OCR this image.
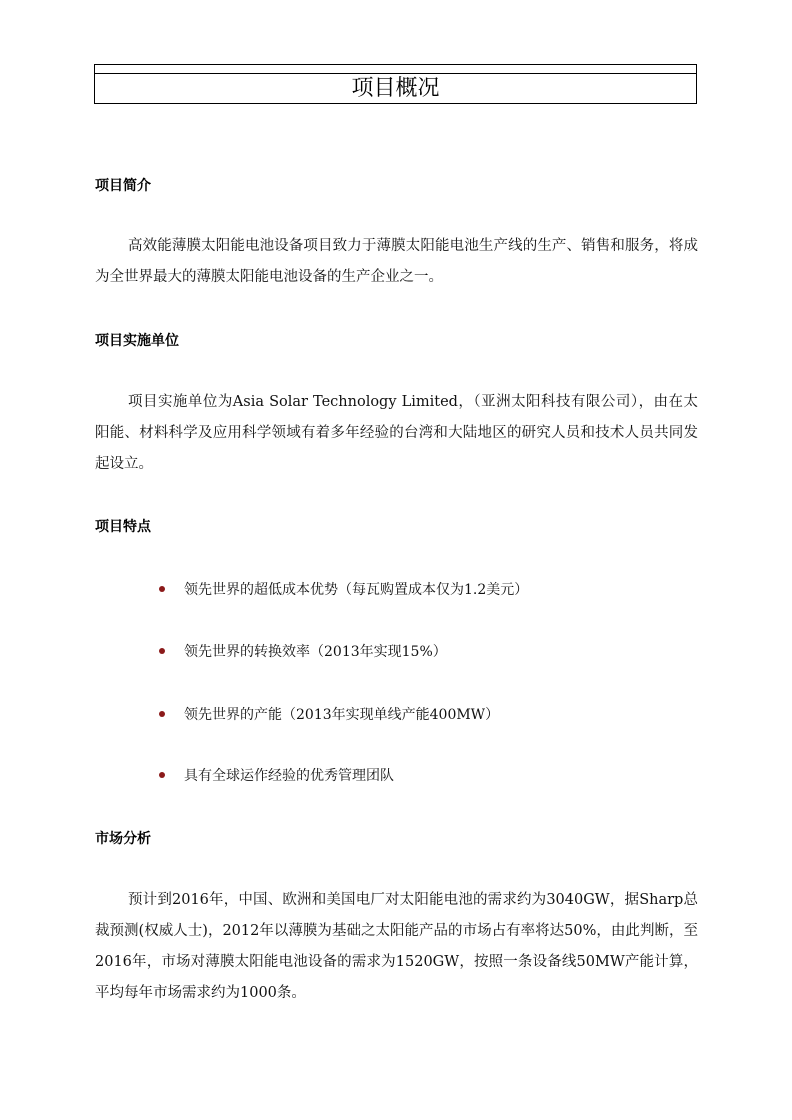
项目概况
项目简介
高效能薄膜太阳能电池设备项目致力于薄膜太阳能电池生产线的生产、销售和服务，将成为全世界最大的薄膜太阳能电池设备的生产企业之一。
项目实施单位
项目实施单位为Asia Solar Technology Limited，（亚洲太阳科技有限公司），由在太阳能、材料科学及应用科学领域有着多年经验的台湾和大陆地区的研究人员和技术人员共同发起设立。
项目特点
领先世界的超低成本优势（每瓦购置成本仅为1.2美元）
领先世界的转换效率（2013年实现15%）
领先世界的产能（2013年实现单线产能400MW）
具有全球运作经验的优秀管理团队
市场分析
预计到2016年，中国、欧洲和美国电厂对太阳能电池的需求约为3040GW，据Sharp总裁预测(权威人士)，2012年以薄膜为基础之太阳能产品的市场占有率将达50%，由此判断，至2016年，市场对薄膜太阳能电池设备的需求为1520GW，按照一条设备线50MW产能计算，平均每年市场需求约为1000条。
